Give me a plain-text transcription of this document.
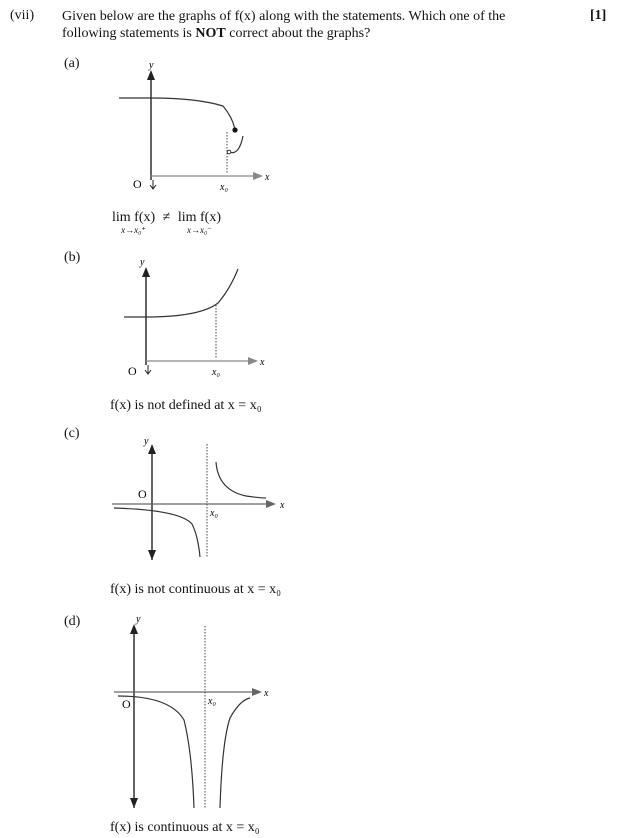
(vii) Given below are the graphs of f(x) along with the statements. Which one of the
following statements is NOT correct about the graphs?
[1]
(a)	y
x
O	x₀
lim f(x)
$^{x\to x_0^+}$ ≠ lim f(x)
$^{x\to x_0^-}$
(b)	y
x
O	x₀
f(x) is not defined at x = x₀
(c)
y
x
O
x₀
f(x) is not continuous at x = x₀
(d)	y
x
O	x₀
f(x) is continuous at x = x₀
